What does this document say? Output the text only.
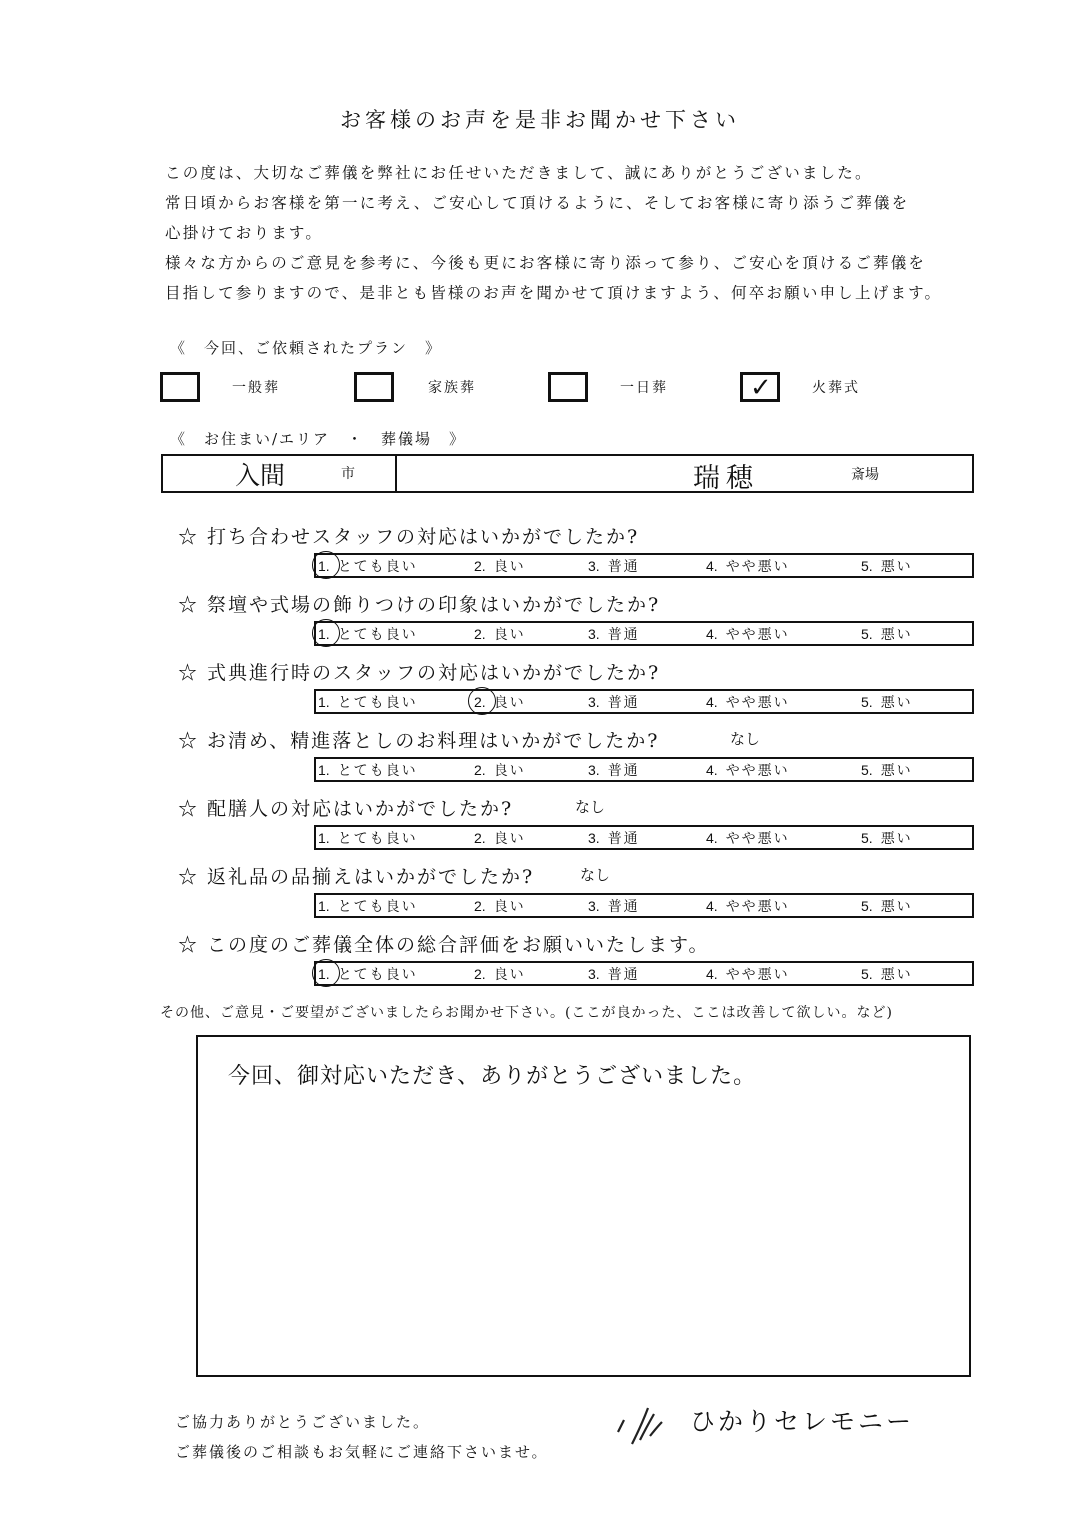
お客様のお声を是非お聞かせ下さい
この度は、大切なご葬儀を弊社にお任せいただきまして、誠にありがとうございました。
常日頃からお客様を第一に考え、ご安心して頂けるように、そしてお客様に寄り添うご葬儀を
心掛けております。
様々な方からのご意見を参考に、今後も更にお客様に寄り添って参り、ご安心を頂けるご葬儀を
目指して参りますので、是非とも皆様のお声を聞かせて頂けますよう、何卒お願い申し上げます。
《　今回、ご依頼されたプラン　》
一般葬	家族葬	一日葬	✓	火葬式
《　お住まい/エリア　・　葬儀場　》
入間	市	瑞穂	斎場
☆ 打ち合わせスタッフの対応はいかがでしたか?
1. とても良い	2. 良い	3. 普通	4. やや悪い	5. 悪い
☆ 祭壇や式場の飾りつけの印象はいかがでしたか?
1. とても良い	2. 良い	3. 普通	4. やや悪い	5. 悪い
☆ 式典進行時のスタッフの対応はいかがでしたか?
1. とても良い	2. 良い	3. 普通	4. やや悪い	5. 悪い
☆ お清め、精進落としのお料理はいかがでしたか?	なし
1. とても良い	2. 良い	3. 普通	4. やや悪い	5. 悪い
☆ 配膳人の対応はいかがでしたか?	なし
1. とても良い	2. 良い	3. 普通	4. やや悪い	5. 悪い
☆ 返礼品の品揃えはいかがでしたか?	なし
1. とても良い	2. 良い	3. 普通	4. やや悪い	5. 悪い
☆ この度のご葬儀全体の総合評価をお願いいたします。
1. とても良い	2. 良い	3. 普通	4. やや悪い	5. 悪い
その他、ご意見・ご要望がございましたらお聞かせ下さい。(ここが良かった、ここは改善して欲しい。など)
今回、御対応いただき、ありがとうございました。
ご協力ありがとうございました。
ご葬儀後のご相談もお気軽にご連絡下さいませ。
ひかりセレモニー
